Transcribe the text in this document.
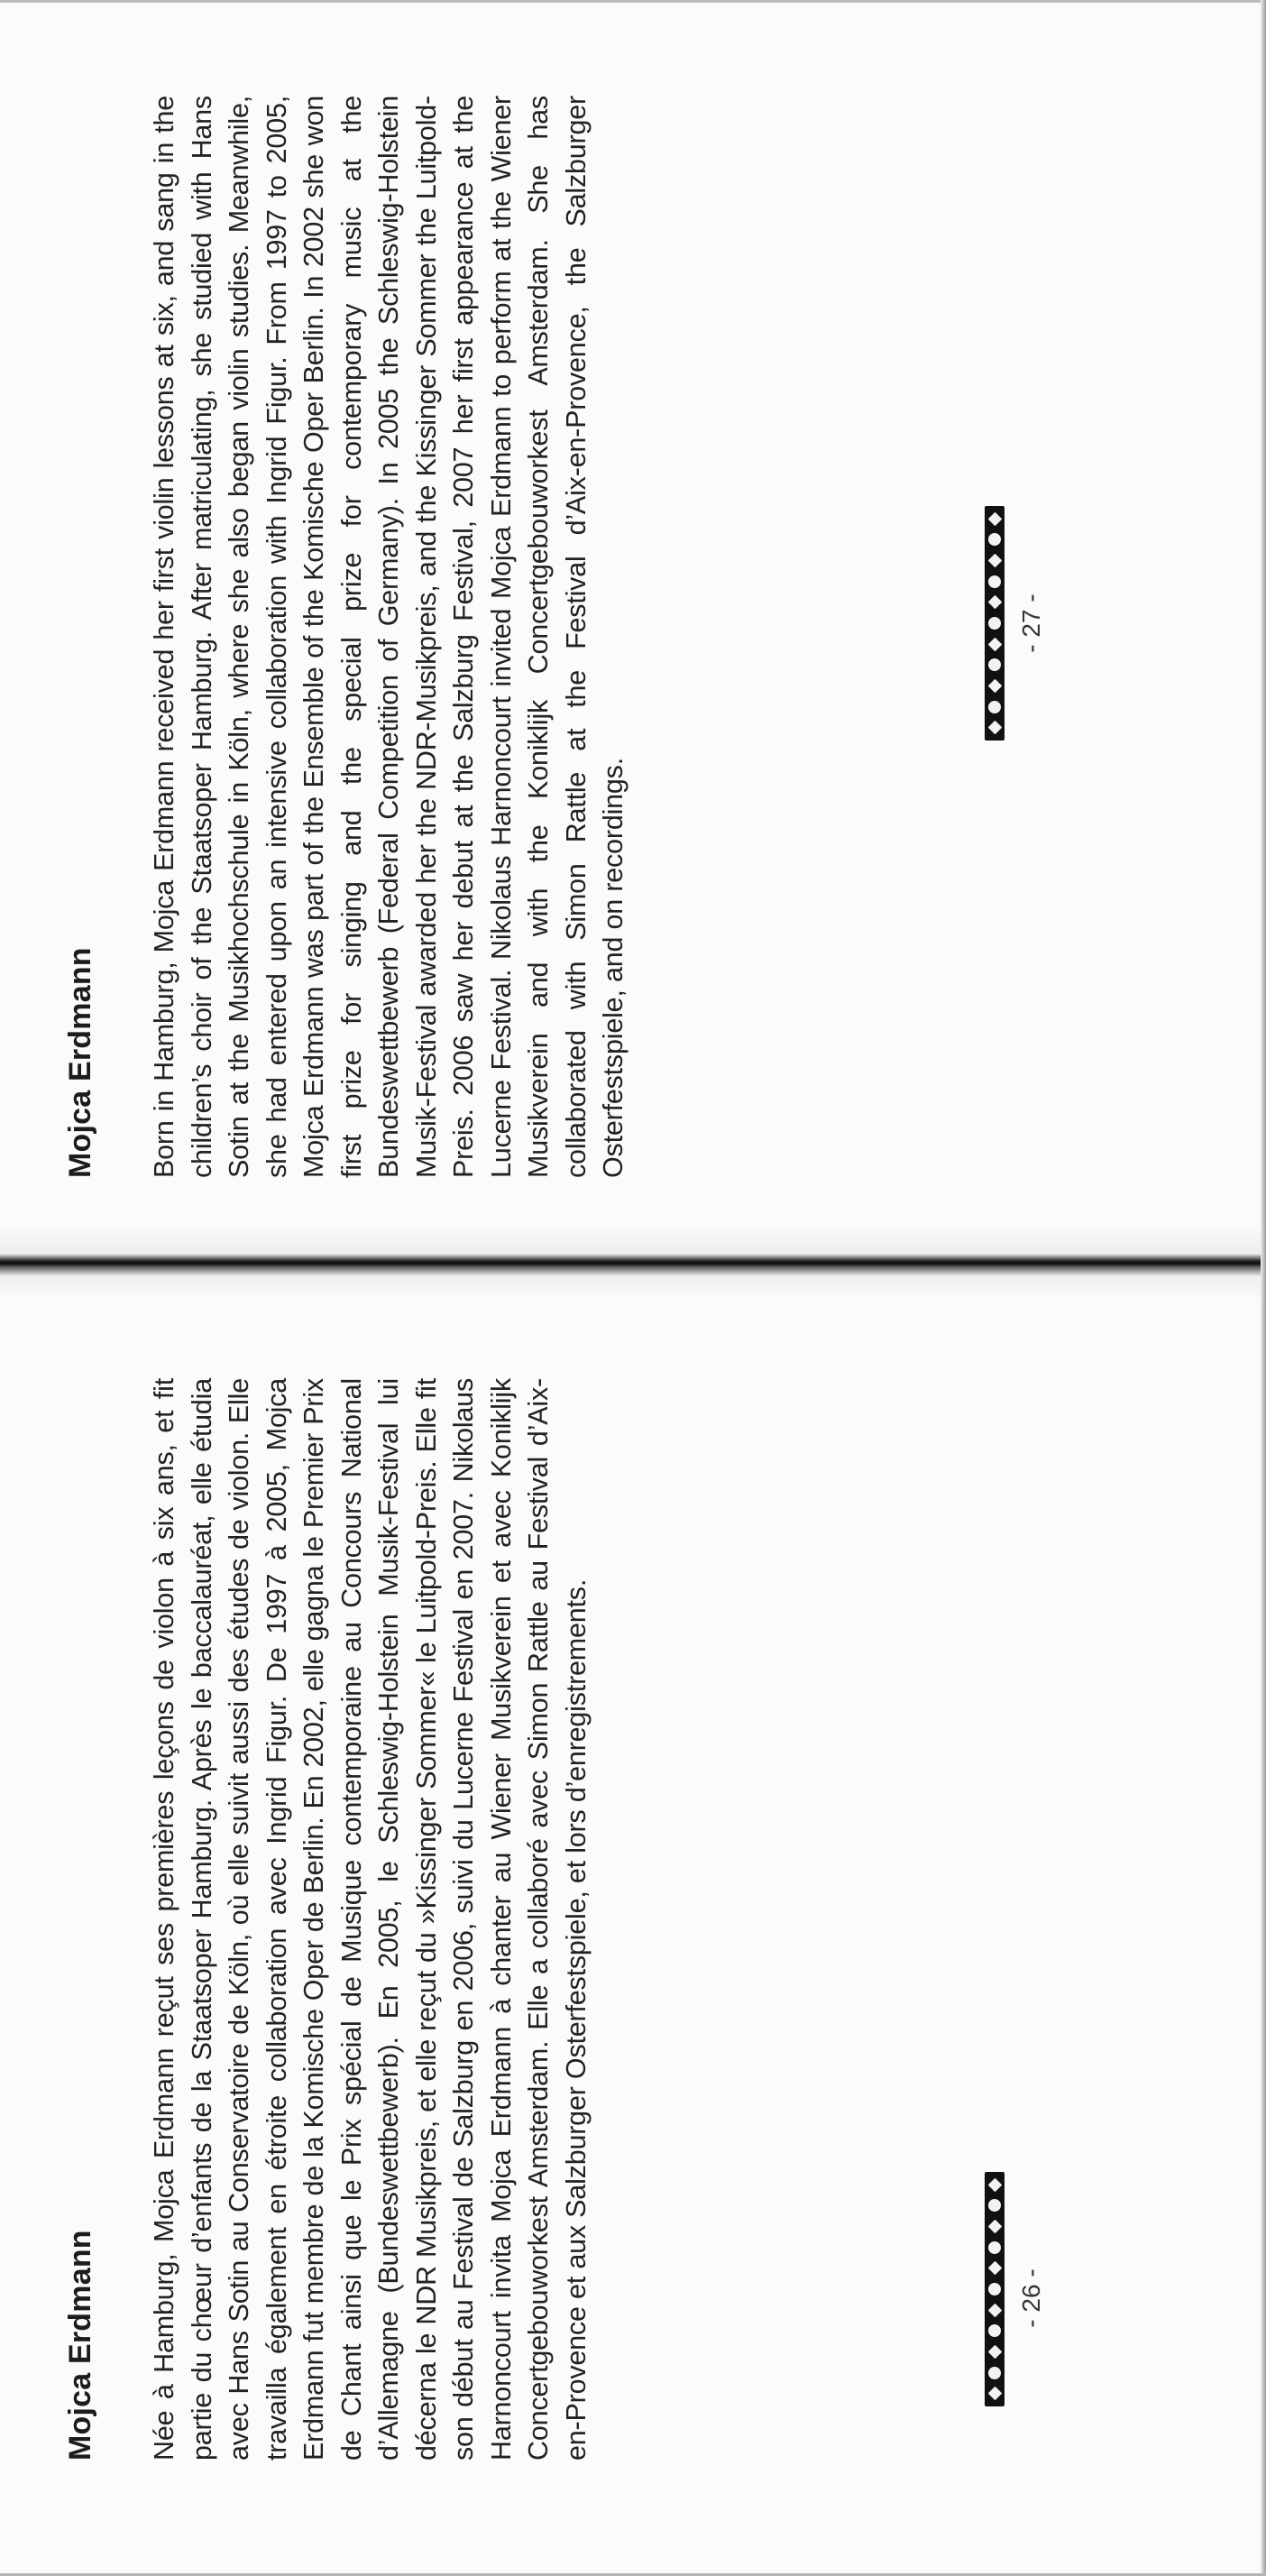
Mojca Erdmann Née à Hamburg, Mojca Erdmann reçut ses premières leçons de violon à six ans, et fit partie du chœur d’enfants de la Staatsoper Hamburg. Après le baccalauréat, elle étudia avec Hans Sotin au Conservatoire de Köln, où elle suivit aussi des études de violon. Elle travailla également en étroite collaboration avec Ingrid Figur. De 1997 à 2005, Mojca Erdmann fut membre de la Komische Oper de Berlin. En 2002, elle gagna le Premier Prix de Chant ainsi que le Prix spécial de Musique contemporaine au Concours National d’Allemagne (Bundeswettbewerb). En 2005, le Schleswig-Holstein Musik-Festival lui décerna le NDR Musikpreis, et elle reçut du »Kissinger Sommer« le Luitpold-Preis. Elle fit son début au Festival de Salzburg en 2006, suivi du Lucerne Festival en 2007. Nikolaus Harnoncourt invita Mojca Erdmann à chanter au Wiener Musikverein et avec Koniklijk Concertgebouworkest Amsterdam. Elle a collaboré avec Simon Rattle au Festival d’Aix-en-Provence et aux Salzburger Osterfestspiele, et lors d’enregistrements.	- 26 -
Mojca Erdmann Born in Hamburg, Mojca Erdmann received her first violin lessons at six, and sang in the children’s choir of the Staatsoper Hamburg. After matriculating, she studied with Hans Sotin at the Musikhochschule in Köln, where she also began violin studies. Meanwhile, she had entered upon an intensive collaboration with Ingrid Figur. From 1997 to 2005, Mojca Erdmann was part of the Ensemble of the Komische Oper Berlin. In 2002 she won first prize for singing and the special prize for contemporary music at the Bundeswettbewerb (Federal Competition of Germany). In 2005 the Schleswig-Holstein Musik-Festival awarded her the NDR-Musikpreis, and the Kissinger Sommer the Luitpold-Preis. 2006 saw her debut at the Salzburg Festival, 2007 her first appearance at the Lucerne Festival. Nikolaus Harnoncourt invited Mojca Erdmann to perform at the Wiener Musikverein and with the Koniklijk Concertgebouworkest Amsterdam. She has collaborated with Simon Rattle at the Festival d’Aix-en-Provence, the Salzburger Osterfestspiele, and on recordings.

- 27 -
